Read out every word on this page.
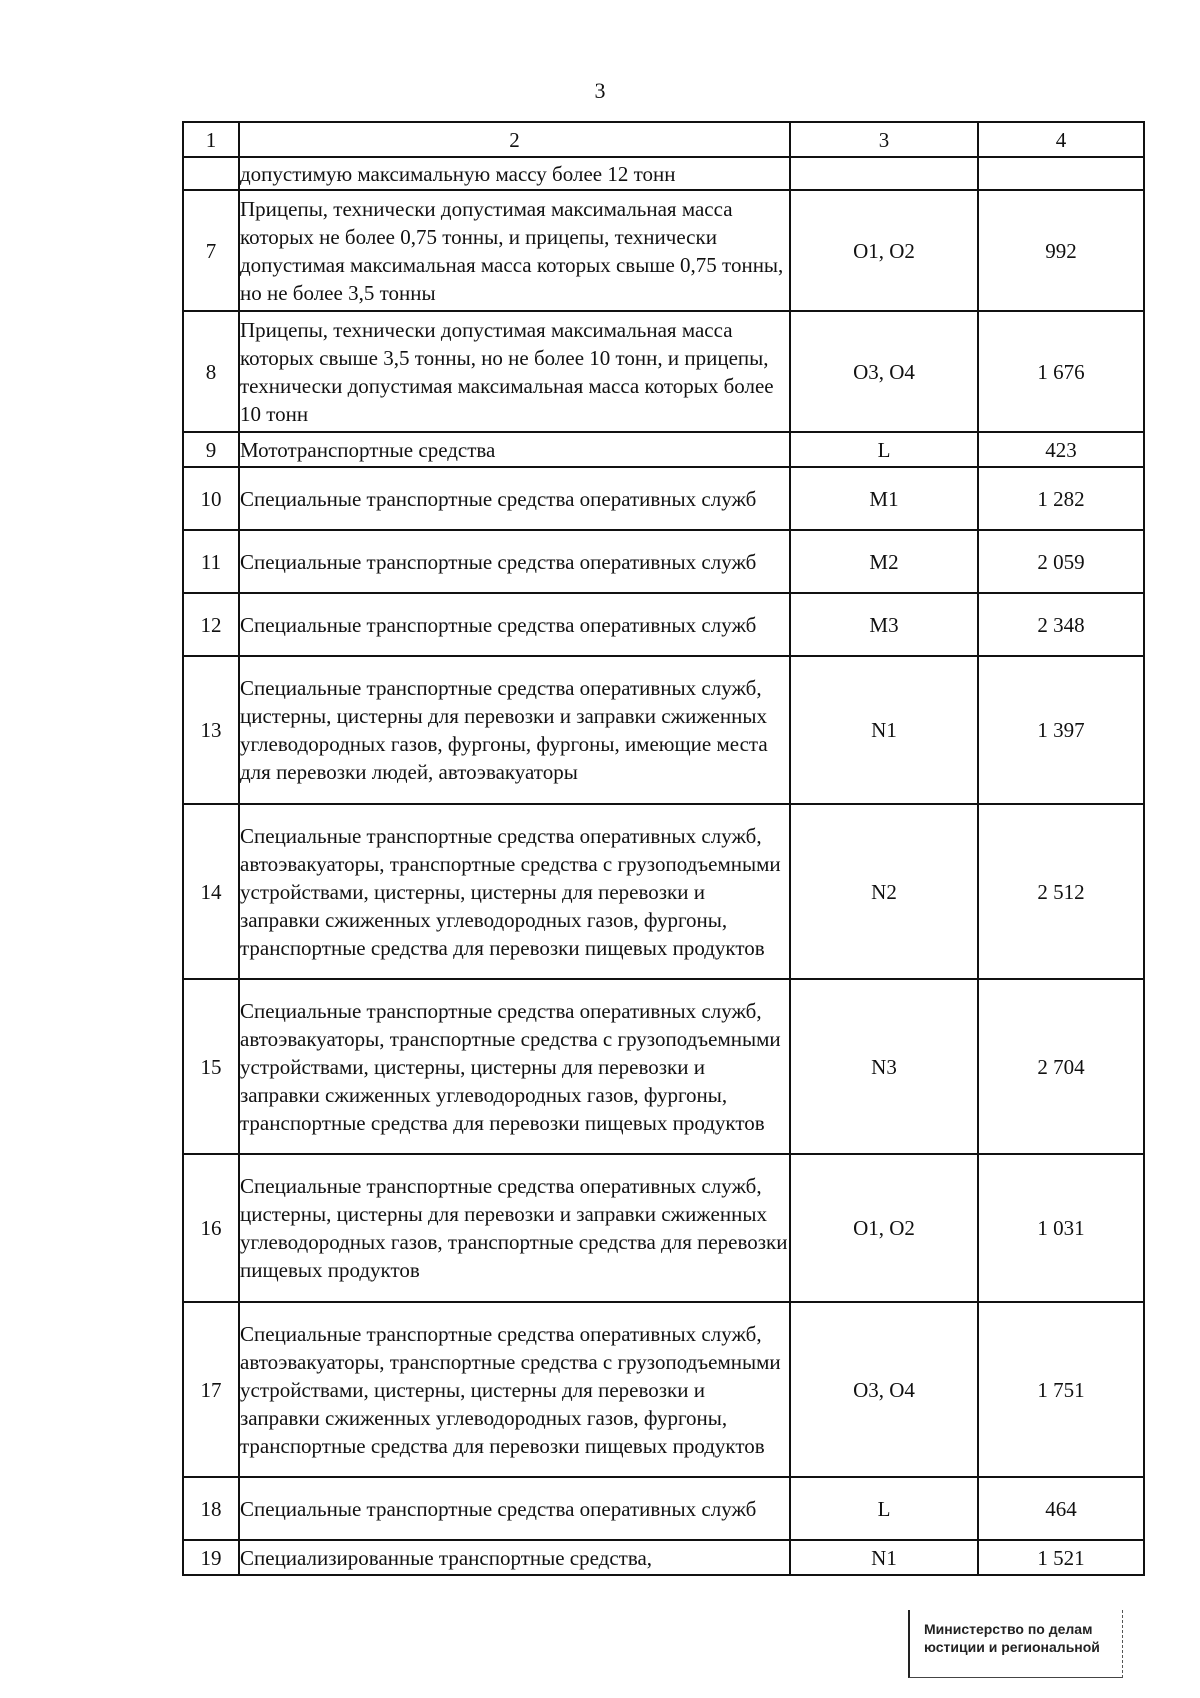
3
1	2	3	4
	допустимую максимальную массу более 12 тонн		
7	Прицепы, технически допустимая максимальная масса которых не более 0,75 тонны, и прицепы, технически допустимая максимальная масса которых свыше 0,75 тонны, но не более 3,5 тонны	O1, O2	992
8	Прицепы, технически допустимая максимальная масса которых свыше 3,5 тонны, но не более 10 тонн, и прицепы, технически допустимая максимальная масса которых более 10 тонн	O3, O4	1 676
9	Мототранспортные средства	L	423
10	Специальные транспортные средства оперативных служб	M1	1 282
11	Специальные транспортные средства оперативных служб	M2	2 059
12	Специальные транспортные средства оперативных служб	M3	2 348
13	Специальные транспортные средства оперативных служб, цистерны, цистерны для перевозки и заправки сжиженных углеводородных газов, фургоны, фургоны, имеющие места для перевозки людей, автоэвакуаторы	N1	1 397
14	Специальные транспортные средства оперативных служб, автоэвакуаторы, транспортные средства с грузоподъемными устройствами, цистерны, цистерны для перевозки и заправки сжиженных углеводородных газов, фургоны, транспортные средства для перевозки пищевых продуктов	N2	2 512
15	Специальные транспортные средства оперативных служб, автоэвакуаторы, транспортные средства с грузоподъемными устройствами, цистерны, цистерны для перевозки и заправки сжиженных углеводородных газов, фургоны, транспортные средства для перевозки пищевых продуктов	N3	2 704
16	Специальные транспортные средства оперативных служб, цистерны, цистерны для перевозки и заправки сжиженных углеводородных газов, транспортные средства для перевозки пищевых продуктов	O1, O2	1 031
17	Специальные транспортные средства оперативных служб, автоэвакуаторы, транспортные средства с грузоподъемными устройствами, цистерны, цистерны для перевозки и заправки сжиженных углеводородных газов, фургоны, транспортные средства для перевозки пищевых продуктов	O3, O4	1 751
18	Специальные транспортные средства оперативных служб	L	464
19	Специализированные транспортные средства,	N1	1 521
Министерство по делам
юстиции и региональной
